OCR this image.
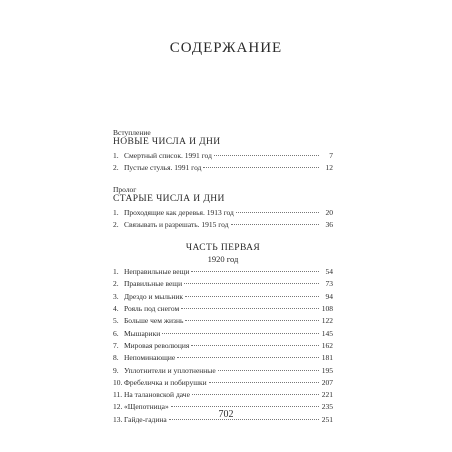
СОДЕРЖАНИЕ
Вступление
НОВЫЕ ЧИСЛА И ДНИ
1. Смертный список. 1991 год	7
2. Пустые стулья. 1991 год	12
Пролог
СТАРЫЕ ЧИСЛА И ДНИ
1. Проходящие как деревья. 1913 год	20
2. Связывать и разрешать. 1915 год	36
ЧАСТЬ ПЕРВАЯ
1920 год
1. Неправильные вещи	54
2. Правильные вещи	73
3. Дрездо и мыльник	94
4. Рояль под снегом	108
5. Больше чем жизнь	122
6. Мышарики	145
7. Мировая революция	162
8. Непоминающие	181
9. Уплотнители и уплотненные	195
10. Фребеличка и побирушки	207
11. На талановской даче	221
12. «Щепотница»	235
13. Гайде-гадина	251
702
